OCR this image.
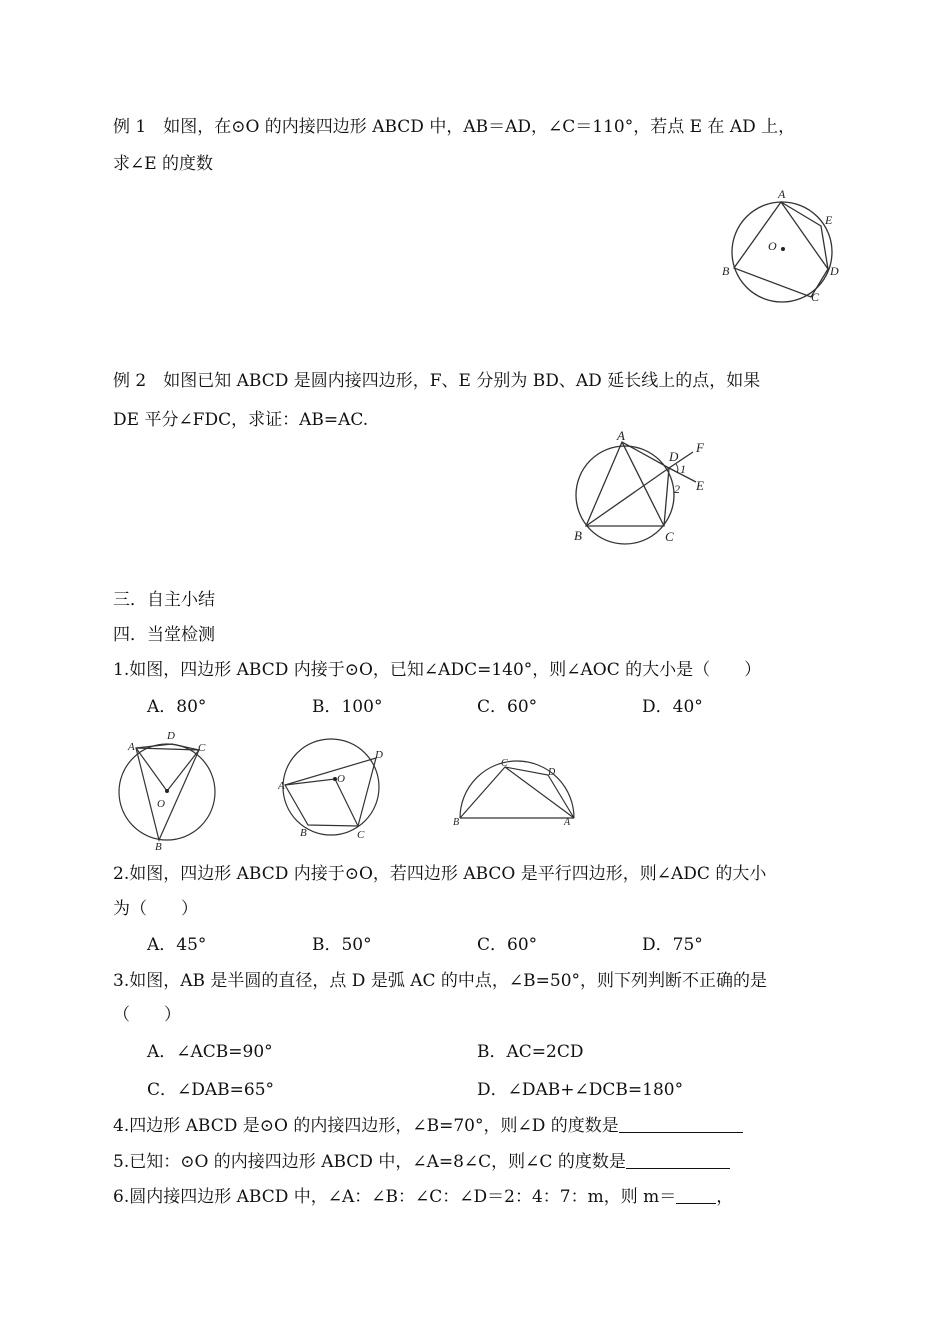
例 1　如图，在⊙O 的内接四边形 ABCD 中，AB＝AD，∠C＝110°，若点 E 在 AD 上，
求∠E 的度数
A
B
C
D
E
O
例 2　如图已知 ABCD 是圆内接四边形，F、E 分别为 BD、AD 延长线上的点，如果
DE 平分∠FDC，求证：AB=AC.
A
B	C
D
E
F
1
2
三．自主小结
四．当堂检测
1.如图，四边形 ABCD 内接于⊙O，已知∠ADC=140°，则∠AOC 的大小是（　　）
A．80°	B．100°	C．60°	D．40°
A
D
C
B
O
A
B	C
D
O
B
C
D
A
2.如图，四边形 ABCD 内接于⊙O，若四边形 ABCO 是平行四边形，则∠ADC 的大小
为（　　）
A．45°	B．50°	C．60°	D．75°
3.如图，AB 是半圆的直径，点 D 是弧 AC 的中点，∠B=50°，则下列判断不正确的是
（　　）
A．∠ACB=90°	B．AC=2CD
C．∠DAB=65°	D．∠DAB+∠DCB=180°
4.四边形 ABCD 是⊙O 的内接四边形，∠B=70°，则∠D 的度数是
5.已知：⊙O 的内接四边形 ABCD 中，∠A=8∠C，则∠C 的度数是
6.圆内接四边形 ABCD 中，∠A：∠B：∠C：∠D＝2：4：7：m，则 m＝ ，
